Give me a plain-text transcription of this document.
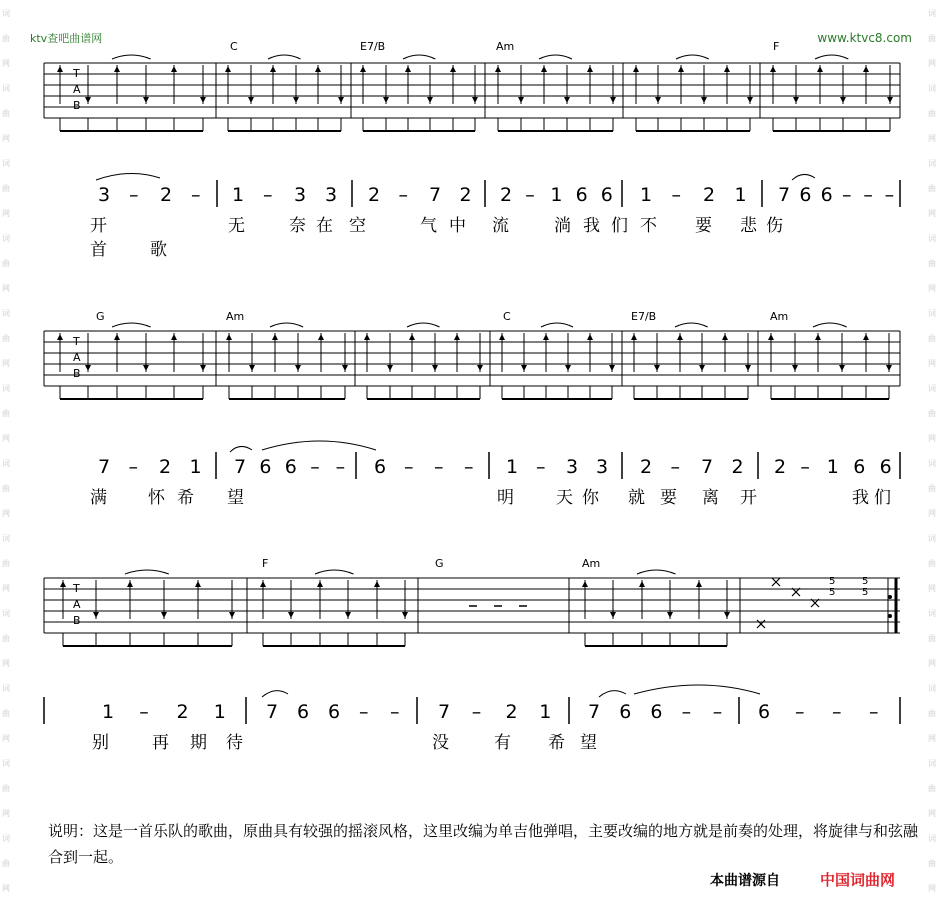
词
曲
网
词
曲
网
词
曲
网
词
曲
网
词
曲
网
词
曲
网
词
曲
网
词
曲
网
词
曲
网
词
曲
网
词
曲
网
词
曲
网
词
曲
网
词
曲
网
词
曲
网
词
曲
网
词
曲
网
词
曲
网
词
曲
网
词
曲
网
词
曲
网
词
曲
网
词
曲
网
词
曲
网
ktv查吧曲谱网	www.ktvc8.com
5
5
5
5
T
A
B
T
A
B
T
A
B
C	E7/B	Am	F
G	Am	C	E7/B	Am
F	G	Am
3 – 2 – 1 – 3 3 2 – 7 2 2 – 1 6 6 1 – 2 1 7 6 6 – – –
7 – 2 1 7 6 6 – – 6 – – – 1 – 3 3 2 – 7 2 2 – 1 6 6
1 – 2 1 7 6 6 – – 7 – 2 1 7 6 6 – – 6 – – –
开	无	奈 在 空	气 中 流	淌 我 们 不 要 悲 伤
首	歌
满 怀 希 望	明 天 你 就 要 离 开	我 们
别	再 期 待	没	有 希 望
说明：这是一首乐队的歌曲，原曲具有较强的摇滚风格，这里改编为单吉他弹唱，主要改编的地方就是前奏的处理，将旋律与和弦融合到一起。
本曲谱源自	中国词曲网
